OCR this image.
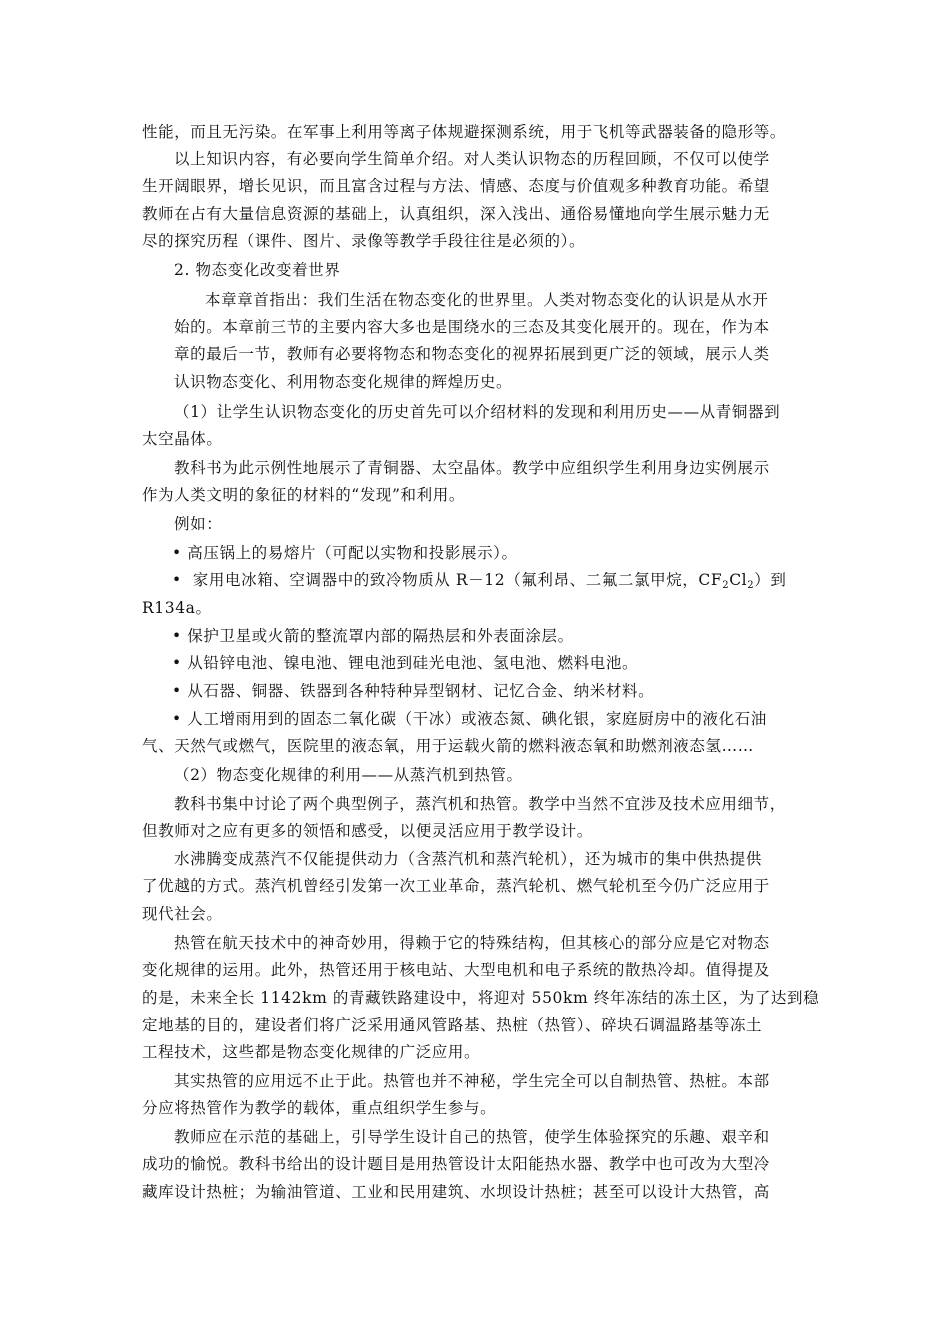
性能，而且无污染。在军事上利用等离子体规避探测系统，用于飞机等武器装备的隐形等。
以上知识内容，有必要向学生简单介绍。对人类认识物态的历程回顾，不仅可以使学
生开阔眼界，增长见识，而且富含过程与方法、情感、态度与价值观多种教育功能。希望
教师在占有大量信息资源的基础上，认真组织，深入浅出、通俗易懂地向学生展示魅力无
尽的探究历程（课件、图片、录像等教学手段往往是必须的）。
2. 物态变化改变着世界
本章章首指出：我们生活在物态变化的世界里。人类对物态变化的认识是从水开
始的。本章前三节的主要内容大多也是围绕水的三态及其变化展开的。现在，作为本
章的最后一节，教师有必要将物态和物态变化的视界拓展到更广泛的领域，展示人类
认识物态变化、利用物态变化规律的辉煌历史。
（1）让学生认识物态变化的历史首先可以介绍材料的发现和利用历史——从青铜器到
太空晶体。
教科书为此示例性地展示了青铜器、太空晶体。教学中应组织学生利用身边实例展示
作为人类文明的象征的材料的“发现”和利用。
例如：
• 高压锅上的易熔片（可配以实物和投影展示）。
•  家用电冰箱、空调器中的致冷物质从 R－12（氟利昂、二氟二氯甲烷，$CF_2Cl_2$）到
R134a。
• 保护卫星或火箭的整流罩内部的隔热层和外表面涂层。
• 从铅锌电池、镍电池、锂电池到硅光电池、氢电池、燃料电池。
• 从石器、铜器、铁器到各种特种异型钢材、记忆合金、纳米材料。
• 人工增雨用到的固态二氧化碳（干冰）或液态氮、碘化银，家庭厨房中的液化石油
气、天然气或燃气，医院里的液态氧，用于运载火箭的燃料液态氧和助燃剂液态氢……
（2）物态变化规律的利用——从蒸汽机到热管。
教科书集中讨论了两个典型例子，蒸汽机和热管。教学中当然不宜涉及技术应用细节，
但教师对之应有更多的领悟和感受，以便灵活应用于教学设计。
水沸腾变成蒸汽不仅能提供动力（含蒸汽机和蒸汽轮机），还为城市的集中供热提供
了优越的方式。蒸汽机曾经引发第一次工业革命，蒸汽轮机、燃气轮机至今仍广泛应用于
现代社会。
热管在航天技术中的神奇妙用，得赖于它的特殊结构，但其核心的部分应是它对物态
变化规律的运用。此外，热管还用于核电站、大型电机和电子系统的散热冷却。值得提及
的是，未来全长 1142km 的青藏铁路建设中，将迎对 550km 终年冻结的冻土区，为了达到稳
定地基的目的，建设者们将广泛采用通风管路基、热桩（热管）、碎块石调温路基等冻土
工程技术，这些都是物态变化规律的广泛应用。
其实热管的应用远不止于此。热管也并不神秘，学生完全可以自制热管、热桩。本部
分应将热管作为教学的载体，重点组织学生参与。
教师应在示范的基础上，引导学生设计自己的热管，使学生体验探究的乐趣、艰辛和
成功的愉悦。教科书给出的设计题目是用热管设计太阳能热水器、教学中也可改为大型冷
藏库设计热桩；为输油管道、工业和民用建筑、水坝设计热桩；甚至可以设计大热管，高
